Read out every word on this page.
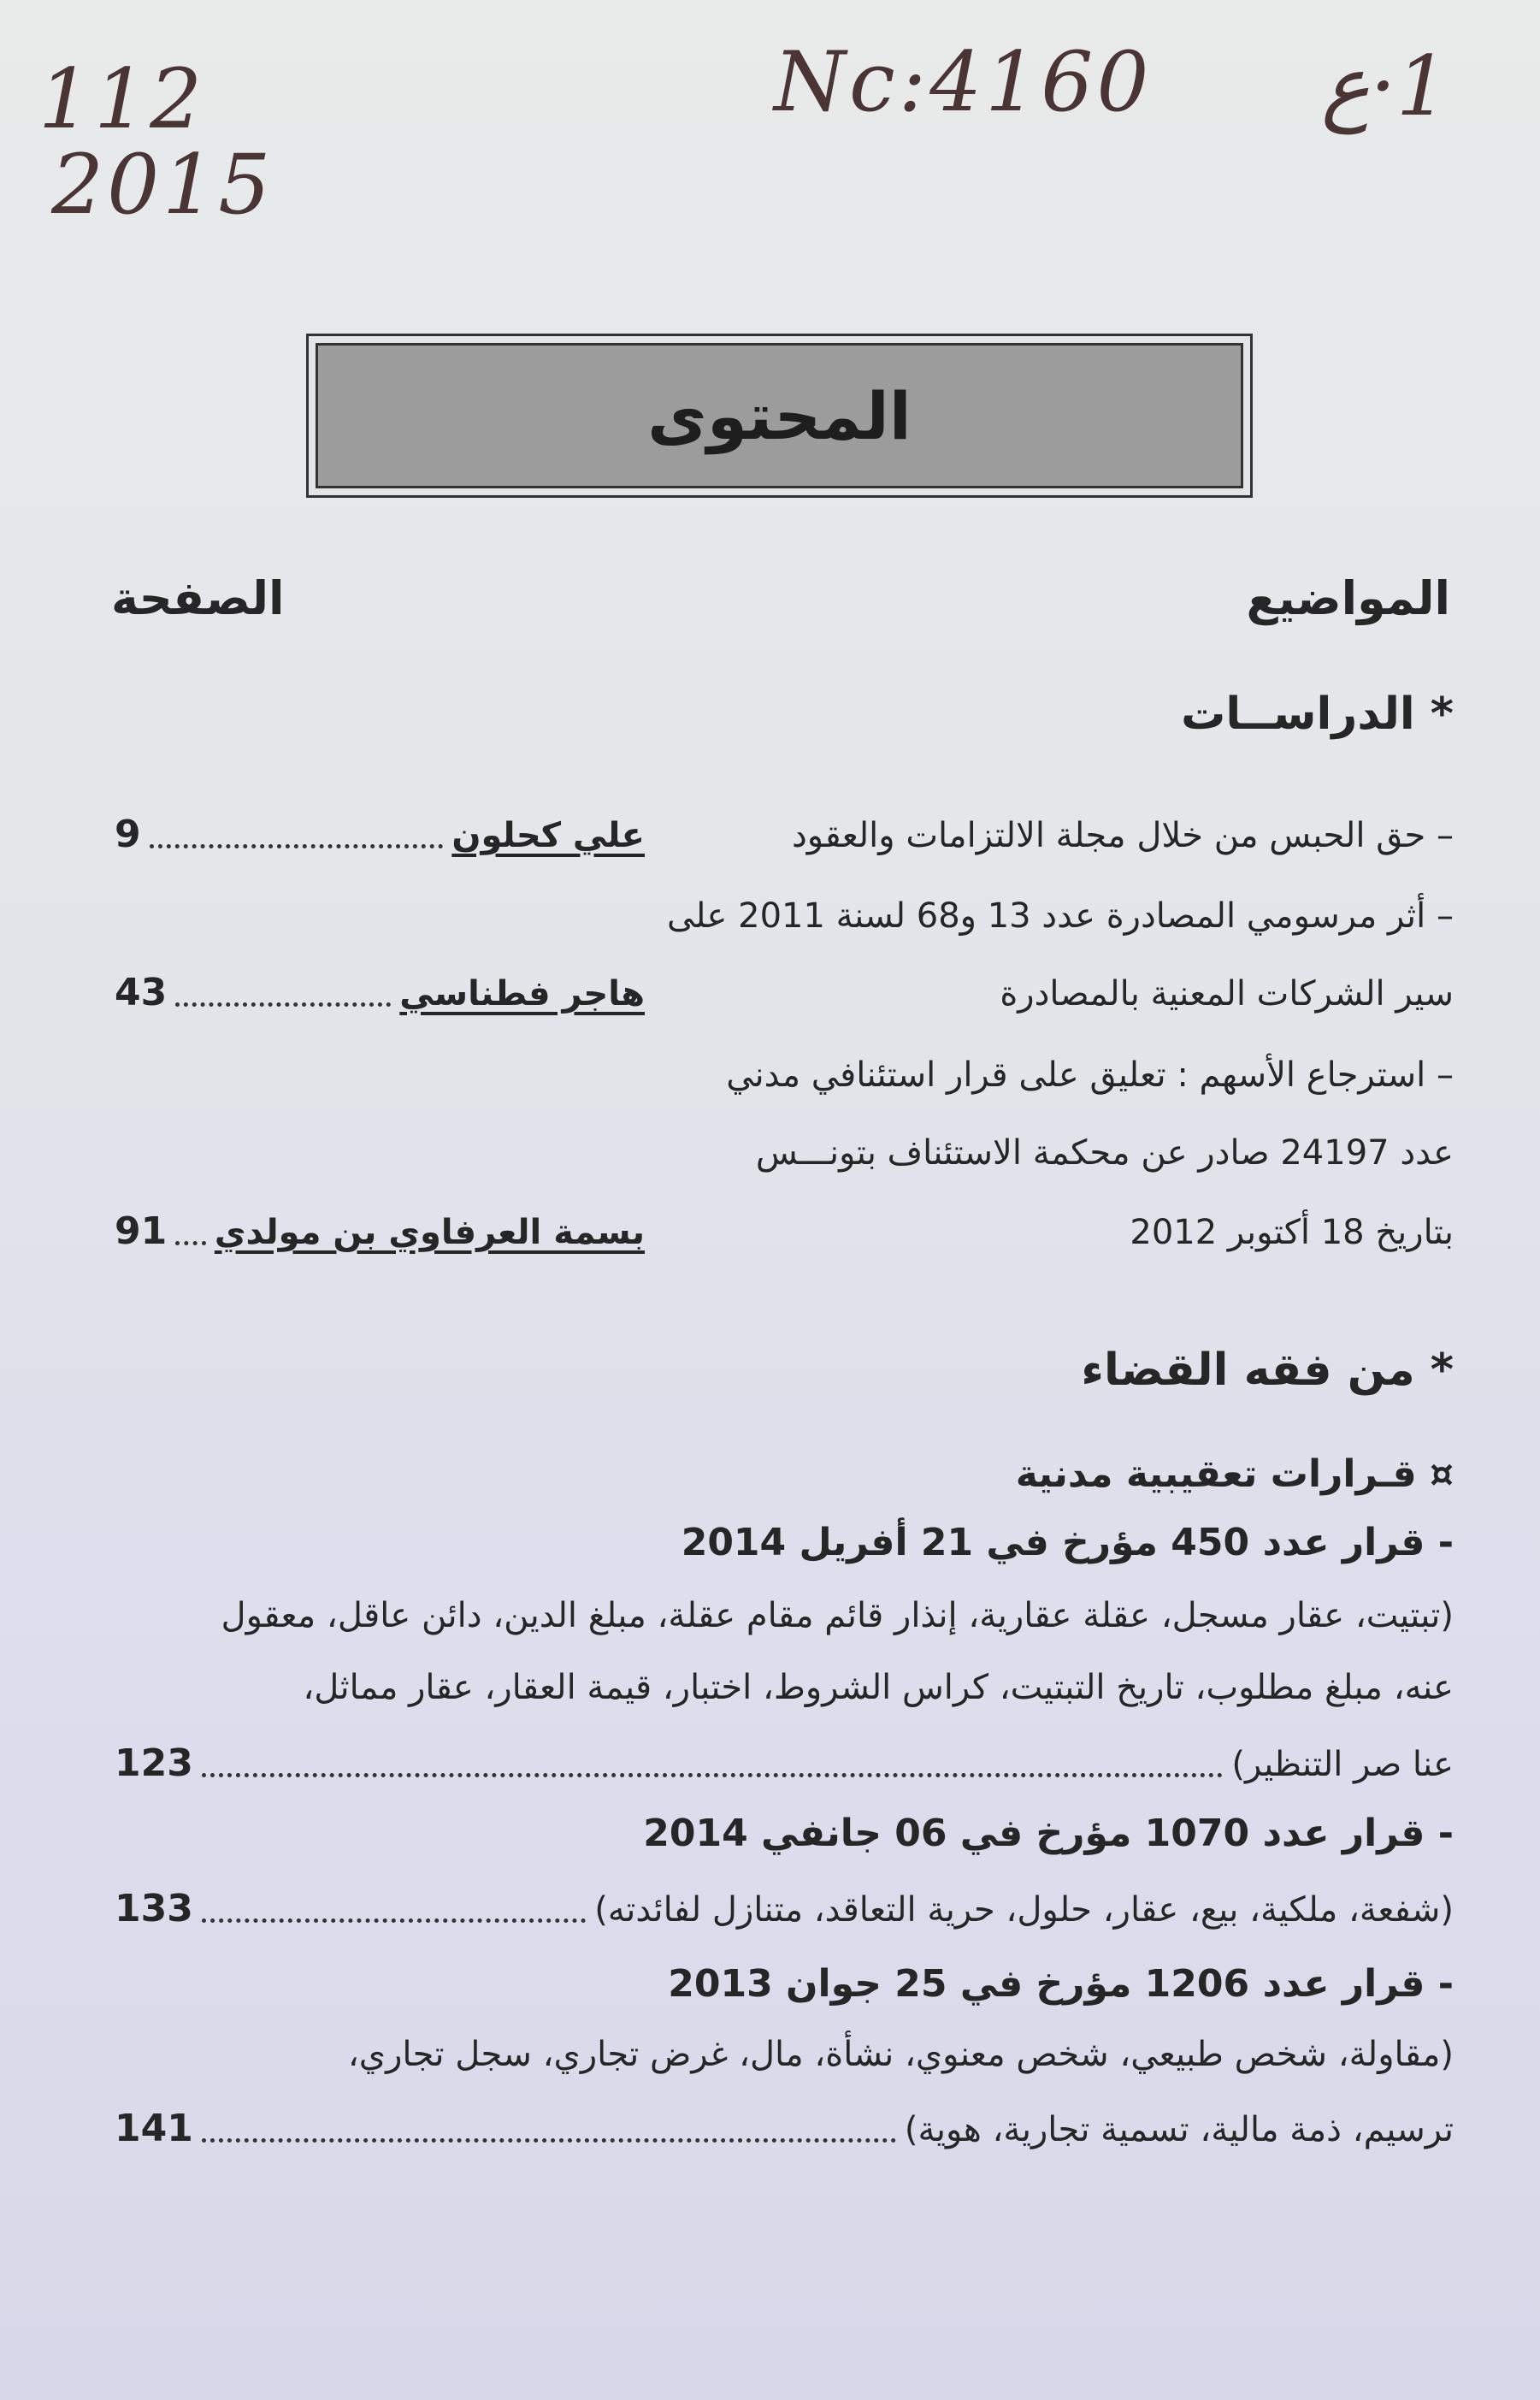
112
2015
Nc:4160 1·ع
المحتوى
المواضيع
الصفحة
* الدراســات
– حق الحبس من خلال مجلة الالتزامات والعقود
علي كحلون
9
– أثر مرسومي المصادرة عدد 13 و68 لسنة 2011 على
سير الشركات المعنية بالمصادرة
هاجر فطناسي
43
– استرجاع الأسهم : تعليق على قرار استئنافي مدني
عدد 24197 صادر عن محكمة الاستئناف بتونـــس
بتاريخ 18 أكتوبر 2012
بسمة العرفاوي بن مولدي
91
* من فقه القضاء
¤ قـرارات تعقيبية مدنية
- قرار عدد 450 مؤرخ في 21 أفريل 2014
(تبتيت، عقار مسجل، عقلة عقارية، إنذار قائم مقام عقلة، مبلغ الدين، دائن عاقل، معقول
عنه، مبلغ مطلوب، تاريخ التبتيت، كراس الشروط، اختبار، قيمة العقار، عقار مماثل،
عنا صر التنظير)
123
- قرار عدد 1070 مؤرخ في 06 جانفي 2014
(شفعة، ملكية، بيع، عقار، حلول، حرية التعاقد، متنازل لفائدته)
133
- قرار عدد 1206 مؤرخ في 25 جوان 2013
(مقاولة، شخص طبيعي، شخص معنوي، نشأة، مال، غرض تجاري، سجل تجاري،
ترسيم، ذمة مالية، تسمية تجارية، هوية)
141
